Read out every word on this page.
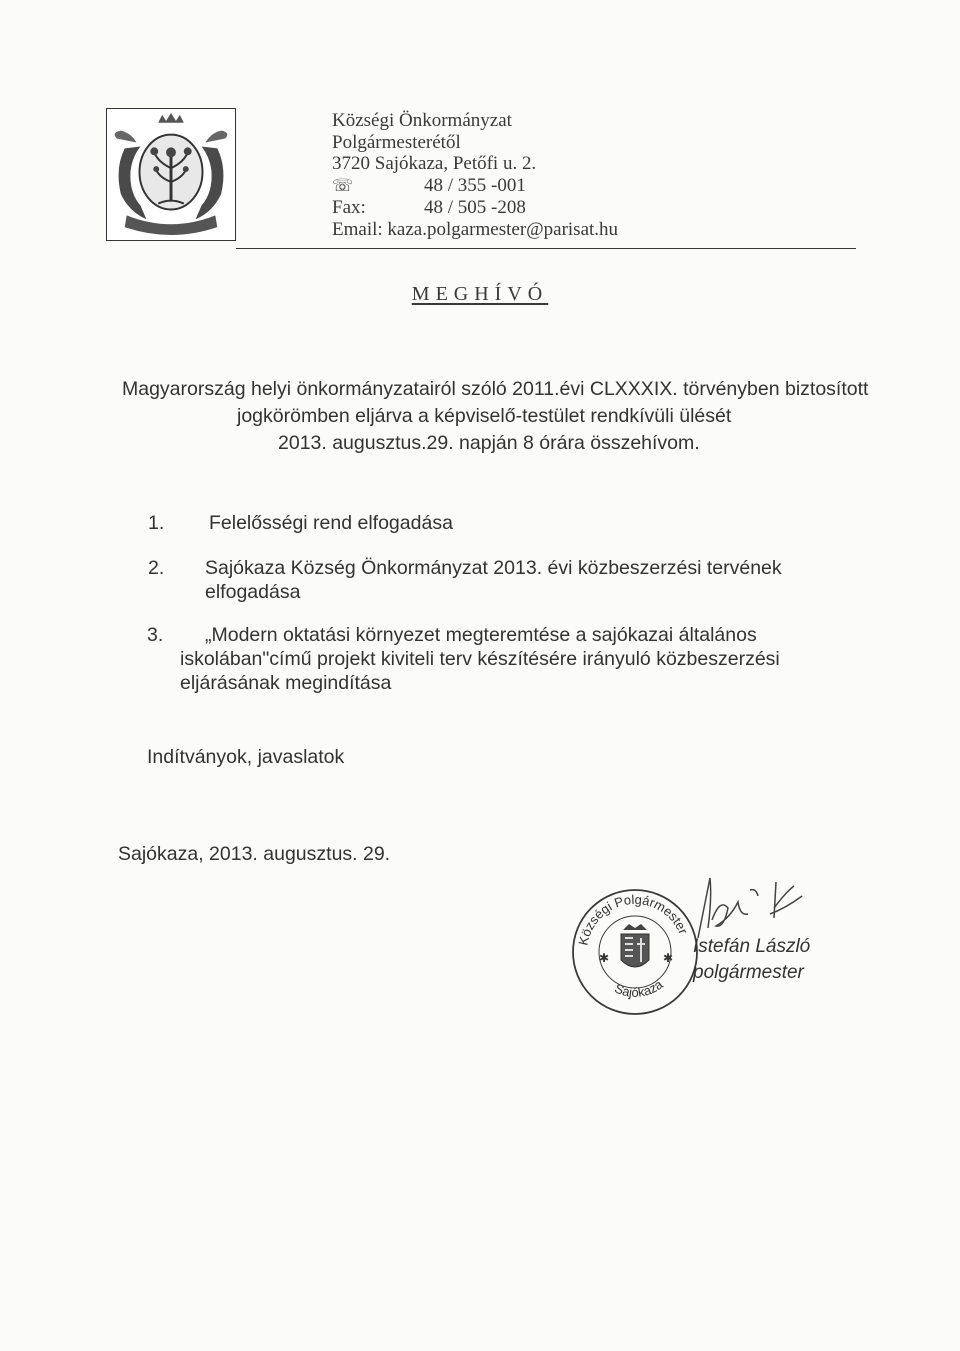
Községi Önkormányzat
Polgármesterétől
3720 Sajókaza, Petőfi u. 2.
☏	48 / 355 -001
Fax:	48 / 505 -208
Email: kaza.polgarmester@parisat.hu
MEGHÍVÓ
Magyarország helyi önkormányzatairól szóló 2011.évi CLXXXIX. törvényben biztosított
jogkörömben eljárva a képviselő-testület rendkívüli ülését
2013. augusztus.29. napján 8 órára összehívom.
1. Felelősségi rend elfogadása
2. Sajókaza Község Önkormányzat 2013. évi közbeszerzési tervének
elfogadása
3. „Modern oktatási környezet megteremtése a sajókazai általános
iskolában"című projekt kiviteli terv készítésére irányuló közbeszerzési
eljárásának megindítása
Indítványok, javaslatok
Sajókaza, 2013. augusztus. 29.
Községi Polgármester
Sajókaza
✱	✱
Istefán László
polgármester
